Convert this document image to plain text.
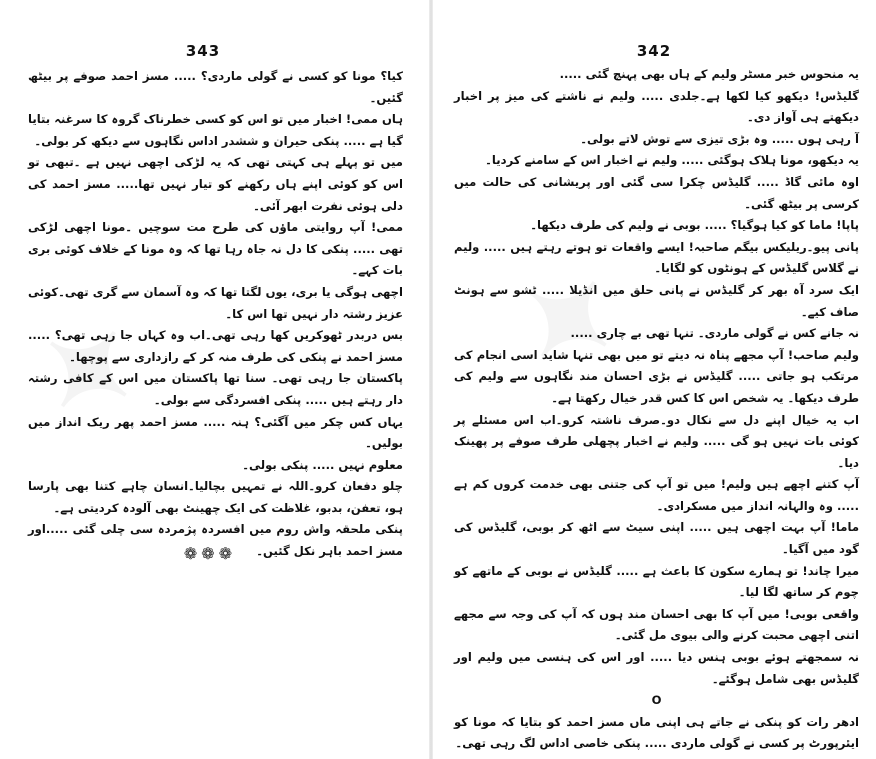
343

کیا؟ مونا کو کسی نے گولی ماردی؟ ..... مسز احمد صوفے پر بیٹھ گئیں۔

ہاں ممی! اخبار میں تو اس کو کسی خطرناک گروہ کا سرغنہ بتایا گیا ہے ..... پنکی حیران و ششدر اداس نگاہوں سے دیکھ کر بولی۔

میں تو پہلے ہی کہتی تھی کہ یہ لڑکی اچھی نہیں ہے ۔تبھی تو اس کو کوئی اپنے ہاں رکھنے کو تیار نہیں تھا..... مسز احمد کی دلی ہوئی نفرت ابھر آئی۔

ممی! آپ روایتی ماؤں کی طرح مت سوچیں ۔مونا اچھی لڑکی تھی ..... پنکی کا دل نہ جاہ رہا تھا کہ وہ مونا کے خلاف کوئی بری بات کہے۔

اچھی ہوگی یا بری، یوں لگتا تھا کہ وہ آسمان سے گری تھی۔کوئی عزیز رشتہ دار نہیں تھا اس کا۔

بس دربدر ٹھوکریں کھا رہی تھی۔اب وہ کہاں جا رہی تھی؟ ..... مسز احمد نے پنکی کی طرف منہ کر کے رازداری سے پوچھا۔

پاکستان جا رہی تھی۔ سنا تھا پاکستان میں اس کے کافی رشتہ دار رہتے ہیں ..... پنکی افسردگی سے بولی۔

یہاں کس چکر میں آگئی؟ ہنہ ..... مسز احمد پھر ریک انداز میں بولیں۔

معلوم نہیں ..... پنکی بولی۔

چلو دفعان کرو۔اللہ نے تمہیں بچالیا۔انسان چاہے کتنا بھی پارسا ہو، تعفن، بدبو، غلاظت کی ایک چھینٹ بھی آلودہ کردیتی ہے۔

پنکی ملحقہ واش روم میں افسردہ پژمردہ سی چلی گئی .....اور مسز احمد باہر نکل گئیں۔

❁❁❁
342

یہ منحوس خبر مسٹر ولیم کے ہاں بھی پہنچ گئی .....

گلیڈس! دیکھو کیا لکھا ہے۔جلدی ..... ولیم نے ناشتے کی میز پر اخبار دیکھتے ہی آواز دی۔

آ رہی ہوں ..... وہ بڑی تیزی سے توش لاتے بولی۔

یہ دیکھو، مونا ہلاک ہوگئی ..... ولیم نے اخبار اس کے سامنے کردیا۔

اوہ مائی گاڈ ..... گلیڈس چکرا سی گئی اور پریشانی کی حالت میں کرسی پر بیٹھ گئی۔

پاپا! ماما کو کیا ہوگیا؟ ..... بوبی نے ولیم کی طرف دیکھا۔

پانی پیو۔ریلیکس بیگم صاحبہ! ایسے واقعات تو ہوتے رہتے ہیں ..... ولیم نے گلاس گلیڈس کے ہونٹوں کو لگایا۔

ایک سرد آہ بھر کر گلیڈس نے پانی حلق میں انڈیلا ..... ٹشو سے ہونٹ صاف کیے۔

نہ جانے کس نے گولی ماردی۔ تنہا تھی بے چاری .....

ولیم صاحب! آپ مجھے پناہ نہ دیتے تو میں بھی تنہا شاید اسی انجام کی مرتکب ہو جاتی ..... گلیڈس نے بڑی احسان مند نگاہوں سے ولیم کی طرف دیکھا۔ یہ شخص اس کا کس قدر خیال رکھتا ہے۔

اب یہ خیال اپنے دل سے نکال دو۔صرف ناشتہ کرو۔اب اس مسئلے پر کوئی بات نہیں ہو گی ..... ولیم نے اخبار پچھلی طرف صوفے پر پھینک دیا۔

آپ کتنے اچھے ہیں ولیم! میں تو آپ کی جتنی بھی خدمت کروں کم ہے ..... وہ والہانہ انداز میں مسکرادی۔

ماما! آپ بہت اچھی ہیں ..... اپنی سیٹ سے اٹھ کر بوبی، گلیڈس کی گود میں آگیا۔

میرا چاند! تو ہمارے سکون کا باعث ہے ..... گلیڈس نے بوبی کے ماتھے کو چوم کر ساتھ لگا لیا۔

واقعی بوبی! میں آپ کا بھی احسان مند ہوں کہ آپ کی وجہ سے مجھے اتنی اچھی محبت کرنے والی بیوی مل گئی۔

نہ سمجھتے ہوئے بوبی ہنس دیا ..... اور اس کی ہنسی میں ولیم اور گلیڈس بھی شامل ہوگئے۔

O

ادھر رات کو پنکی نے جاتے ہی اپنی ماں مسز احمد کو بتایا کہ مونا کو ایئرپورٹ پر کسی نے گولی ماردی ..... پنکی خاصی اداس لگ رہی تھی۔
